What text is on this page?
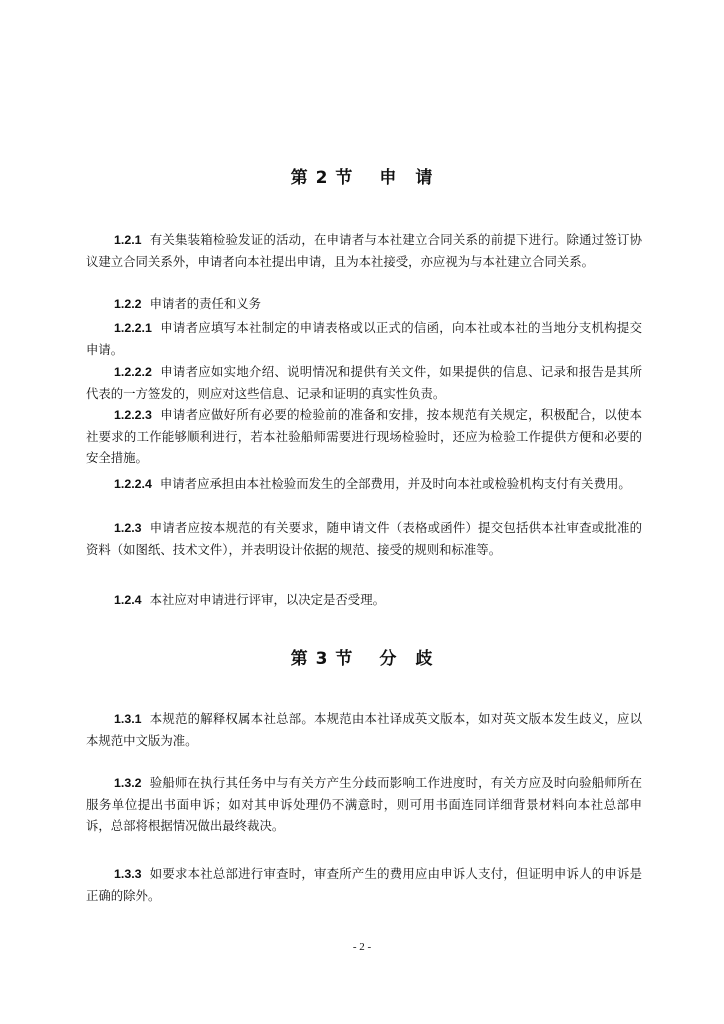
第 2 节 申　请
1.2.1 有关集装箱检验发证的活动，在申请者与本社建立合同关系的前提下进行。除通过签订协议建立合同关系外，申请者向本社提出申请，且为本社接受，亦应视为与本社建立合同关系。
1.2.2 申请者的责任和义务
1.2.2.1 申请者应填写本社制定的申请表格或以正式的信函，向本社或本社的当地分支机构提交申请。
1.2.2.2 申请者应如实地介绍、说明情况和提供有关文件，如果提供的信息、记录和报告是其所代表的一方签发的，则应对这些信息、记录和证明的真实性负责。
1.2.2.3 申请者应做好所有必要的检验前的准备和安排，按本规范有关规定，积极配合，以使本社要求的工作能够顺利进行，若本社验船师需要进行现场检验时，还应为检验工作提供方便和必要的安全措施。
1.2.2.4 申请者应承担由本社检验而发生的全部费用，并及时向本社或检验机构支付有关费用。
1.2.3 申请者应按本规范的有关要求，随申请文件（表格或函件）提交包括供本社审查或批准的资料（如图纸、技术文件），并表明设计依据的规范、接受的规则和标准等。
1.2.4 本社应对申请进行评审，以决定是否受理。
第 3 节 分　歧
1.3.1 本规范的解释权属本社总部。本规范由本社译成英文版本，如对英文版本发生歧义，应以本规范中文版为准。
1.3.2 验船师在执行其任务中与有关方产生分歧而影响工作进度时，有关方应及时向验船师所在服务单位提出书面申诉；如对其申诉处理仍不满意时，则可用书面连同详细背景材料向本社总部申诉，总部将根据情况做出最终裁决。
1.3.3 如要求本社总部进行审查时，审查所产生的费用应由申诉人支付，但证明申诉人的申诉是正确的除外。
- 2 -
